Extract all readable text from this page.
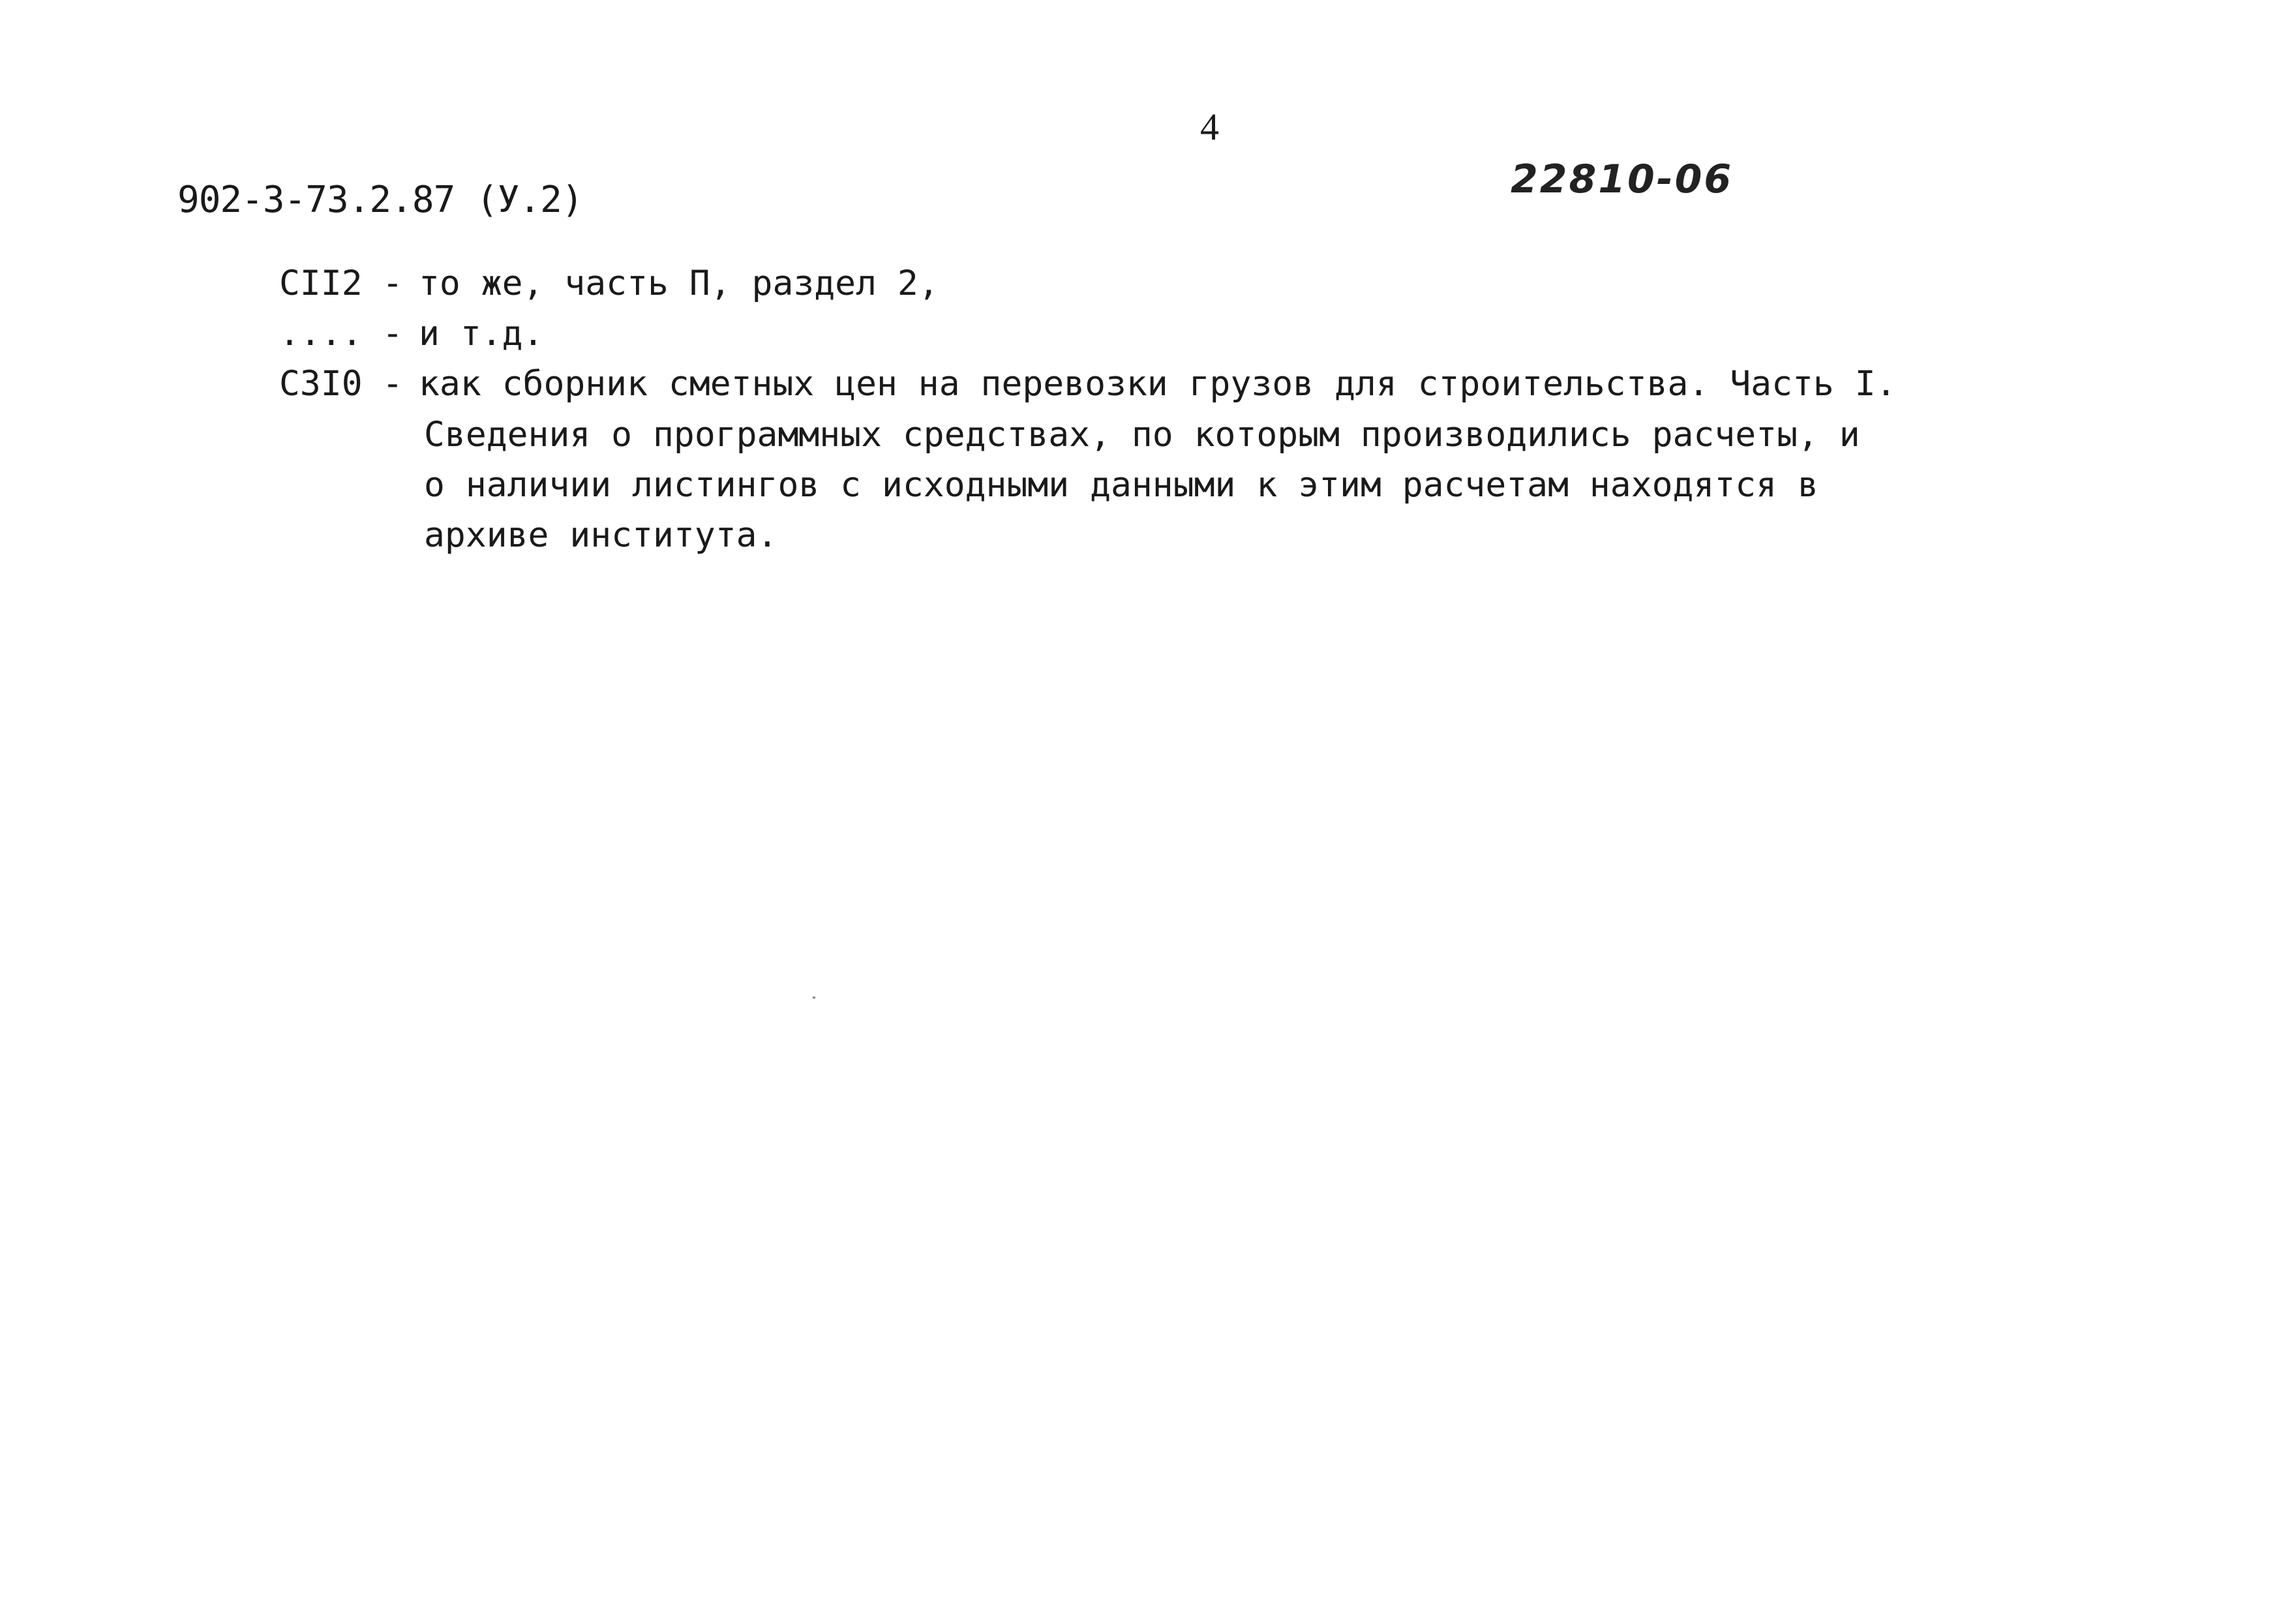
4
902-3-73.2.87 (У.2)	22810-06
СII2 - то же, часть П, раздел 2,
.... - и т.д.
С3I0 - как сборник сметных цен на перевозки грузов для строительства. Часть I.
Сведения о программных средствах, по которым производились расчеты, и
о наличии листингов с исходными данными к этим расчетам находятся в
архиве института.
